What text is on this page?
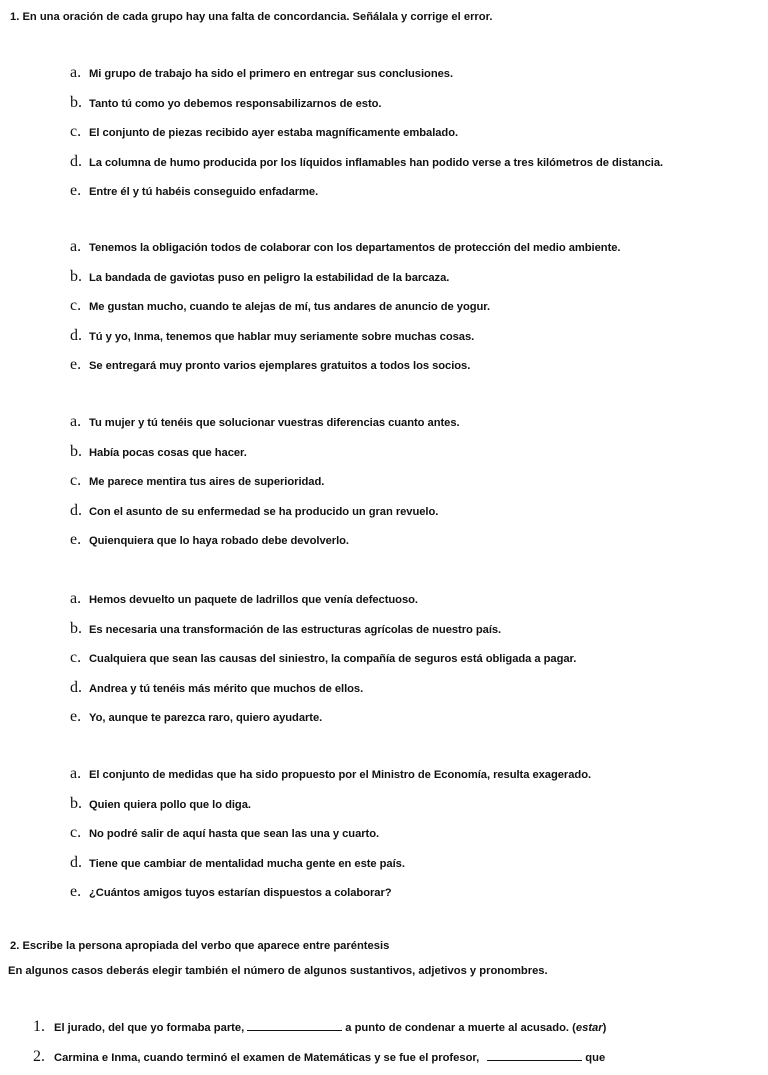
1. En una oración de cada grupo hay una falta de concordancia. Señálala y corrige el error.
a. Mi grupo de trabajo ha sido el primero en entregar sus conclusiones.
b. Tanto tú como yo debemos responsabilizarnos de esto.
c. El conjunto de piezas recibido ayer estaba magníficamente embalado.
d. La columna de humo producida por los líquidos inflamables han podido verse a tres kilómetros de distancia.
e. Entre él y tú habéis conseguido enfadarme.
a. Tenemos la obligación todos de colaborar con los departamentos de protección del medio ambiente.
b. La bandada de gaviotas puso en peligro la estabilidad de la barcaza.
c. Me gustan mucho, cuando te alejas de mí, tus andares de anuncio de yogur.
d. Tú y yo, Inma, tenemos que hablar muy seriamente sobre muchas cosas.
e. Se entregará muy pronto varios ejemplares gratuitos a todos los socios.
a. Tu mujer y tú tenéis que solucionar vuestras diferencias cuanto antes.
b. Había pocas cosas que hacer.
c. Me parece mentira tus aires de superioridad.
d. Con el asunto de su enfermedad se ha producido un gran revuelo.
e. Quienquiera que lo haya robado debe devolverlo.
a. Hemos devuelto un paquete de ladrillos que venía defectuoso.
b. Es necesaria una transformación de las estructuras agrícolas de nuestro país.
c. Cualquiera que sean las causas del siniestro, la compañía de seguros está obligada a pagar.
d. Andrea y tú tenéis más mérito que muchos de ellos.
e. Yo, aunque te parezca raro, quiero ayudarte.
a. El conjunto de medidas que ha sido propuesto por el Ministro de Economía, resulta exagerado.
b. Quien quiera pollo que lo diga.
c. No podré salir de aquí hasta que sean las una y cuarto.
d. Tiene que cambiar de mentalidad mucha gente en este país.
e. ¿Cuántos amigos tuyos estarían dispuestos a colaborar?
2. Escribe la persona apropiada del verbo que aparece entre paréntesis
En algunos casos deberás elegir también el número de algunos sustantivos, adjetivos y pronombres.
1. El jurado, del que yo formaba parte,	a punto de condenar a muerte al acusado. ( estar )
2. Carmina e Inma, cuando terminó el examen de Matemáticas y se fue el profesor,	que
